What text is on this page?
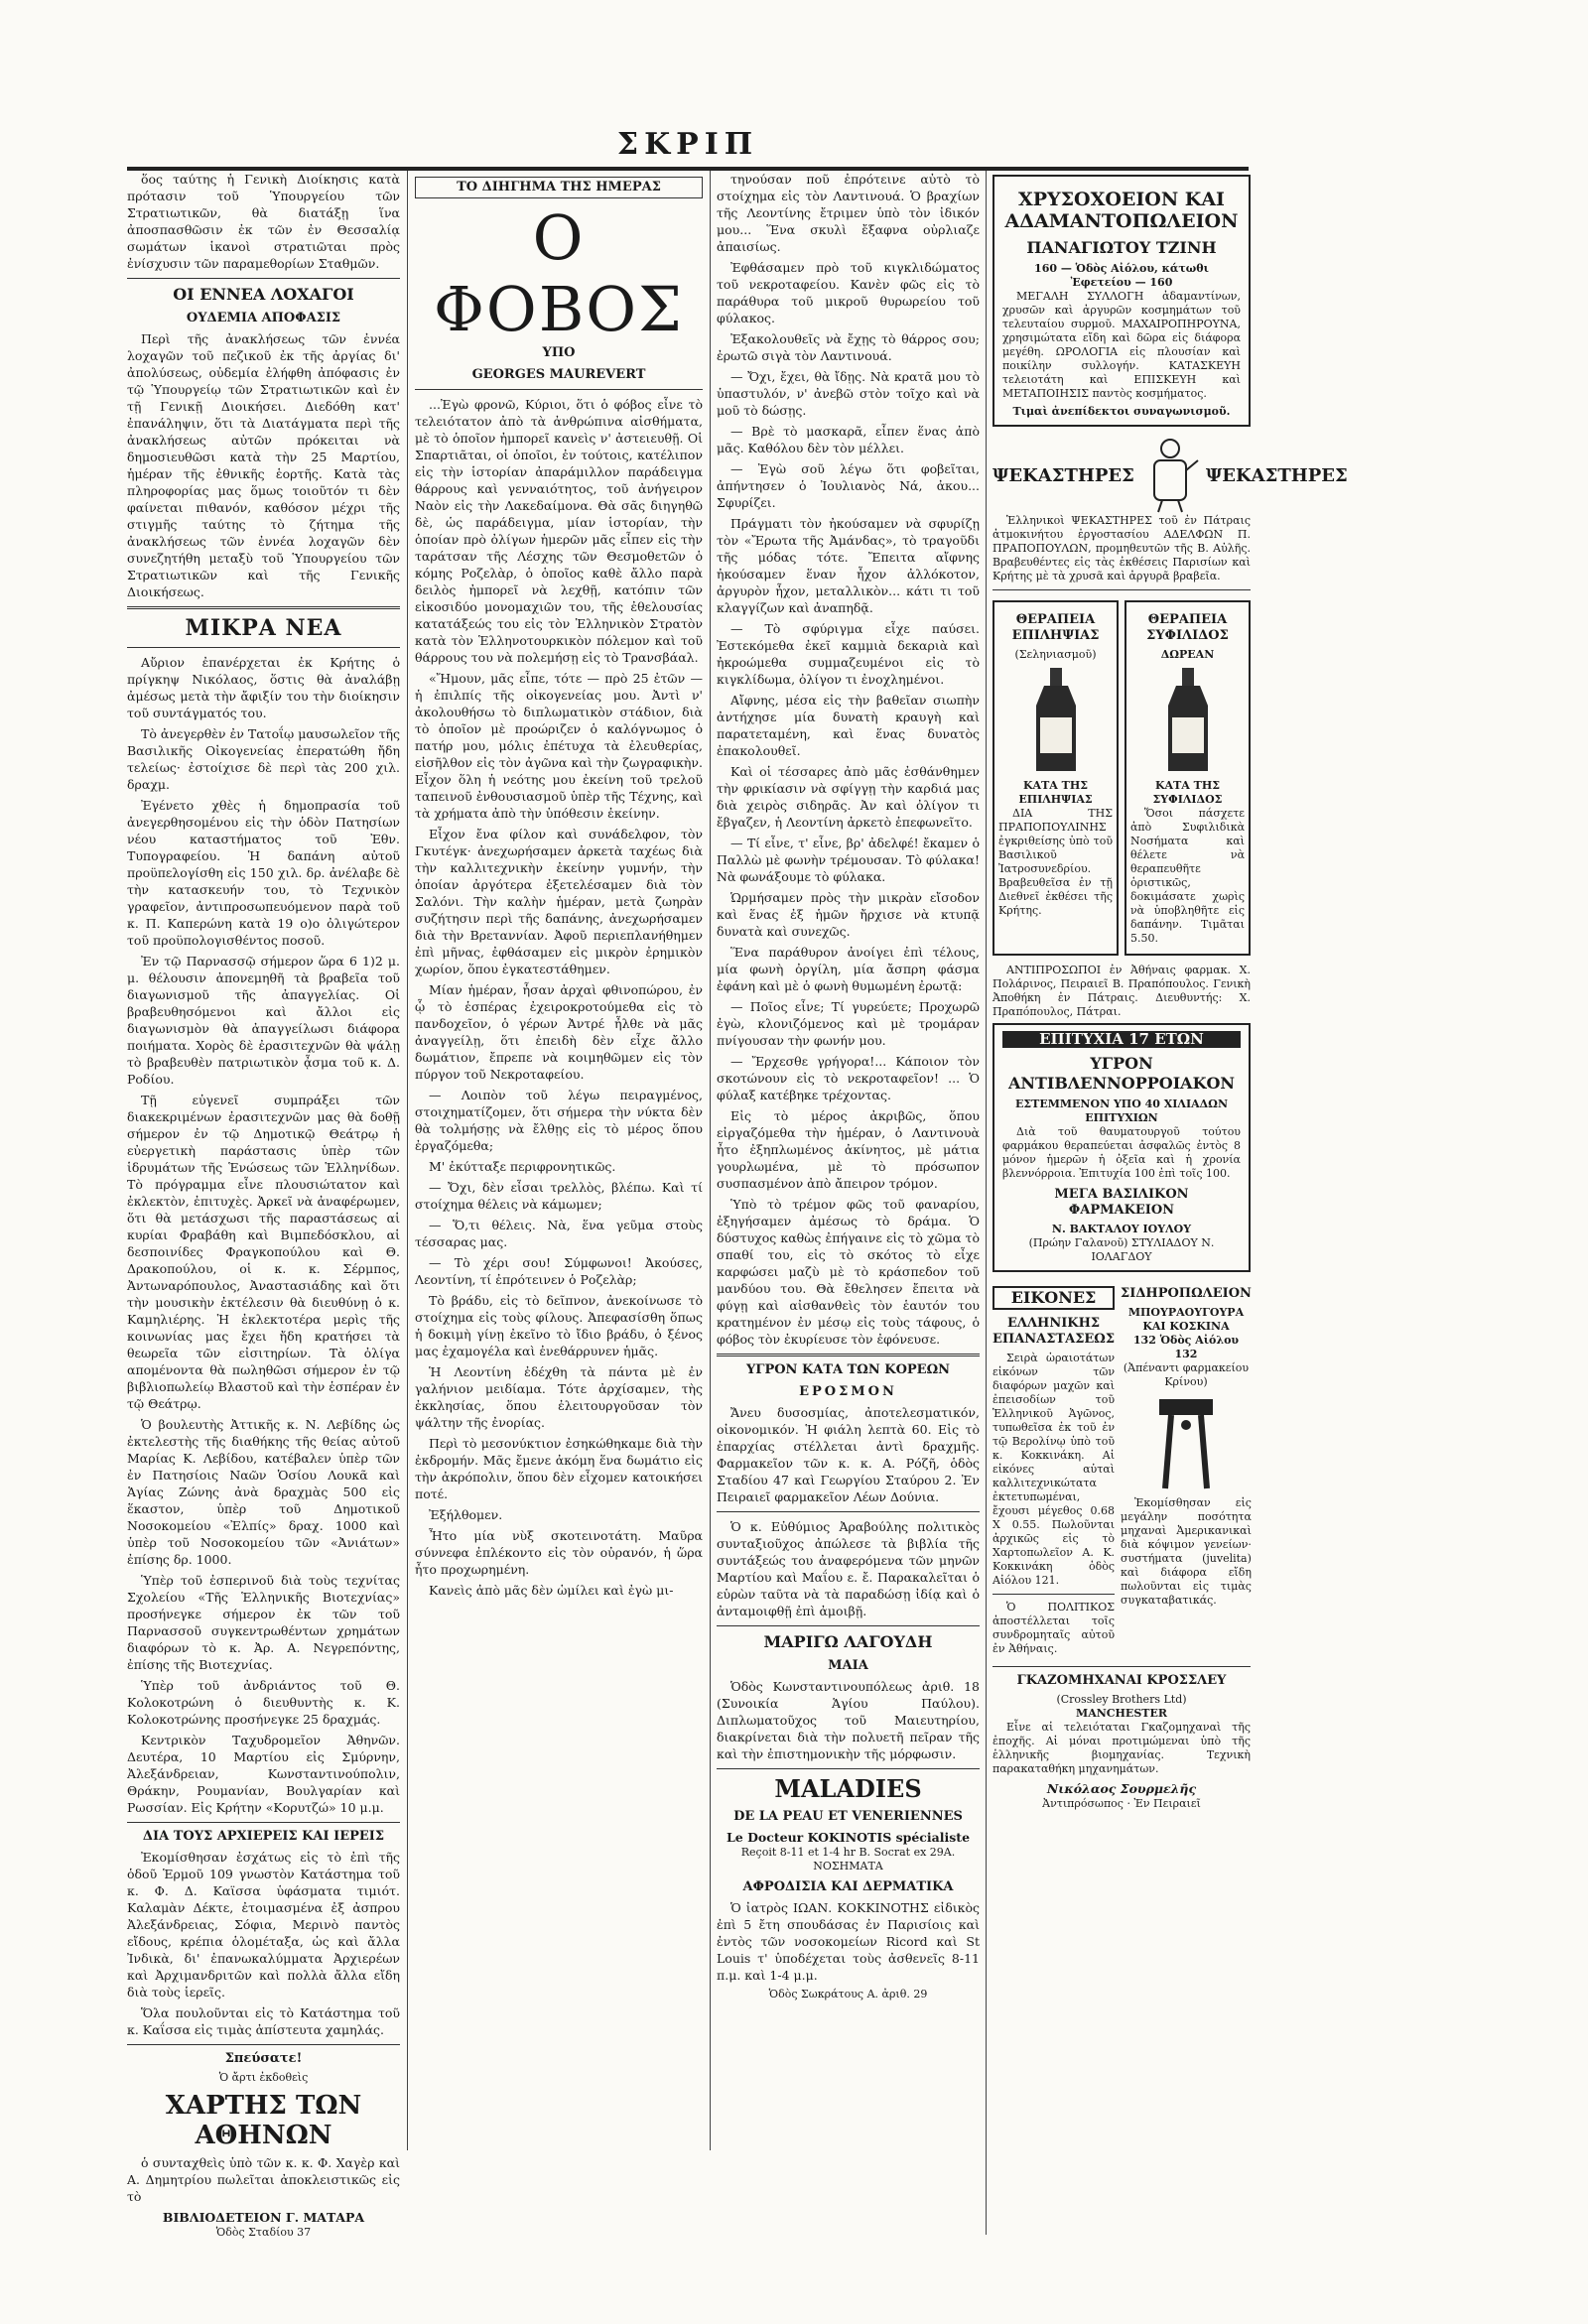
ΣΚΡΙΠ

ὅος ταύτης ἡ Γενικὴ Διοίκησις κατὰ πρότασιν τοῦ Ὑπουργείου τῶν Στρατιωτικῶν, θὰ διατάξῃ ἵνα ἀποσπασθῶσιν ἐκ τῶν ἐν Θεσσαλίᾳ σωμάτων ἱκανοὶ στρατιῶται πρὸς ἐνίσχυσιν τῶν παραμεθορίων Σταθμῶν.

ΟΙ ΕΝΝΕΑ ΛΟΧΑΓΟΙ
ΟΥΔΕΜΙΑ ΑΠΟΦΑΣΙΣ

Περὶ τῆς ἀνακλήσεως τῶν ἐννέα λοχαγῶν τοῦ πεζικοῦ ἐκ τῆς ἀργίας δι' ἀπολύσεως, οὐδεμία ἐλήφθη ἀπόφασις ἐν τῷ Ὑπουργείῳ τῶν Στρατιωτικῶν καὶ ἐν τῇ Γενικῇ Διοικήσει. Διεδόθη κατ' ἐπανάληψιν, ὅτι τὰ Διατάγματα περὶ τῆς ἀνακλήσεως αὐτῶν πρόκειται νὰ δημοσιευθῶσι κατὰ τὴν 25 Μαρτίου, ἡμέραν τῆς ἐθνικῆς ἑορτῆς. Κατὰ τὰς πληροφορίας μας ὅμως τοιοῦτόν τι δὲν φαίνεται πιθανόν, καθόσον μέχρι τῆς στιγμῆς ταύτης τὸ ζήτημα τῆς ἀνακλήσεως τῶν ἐννέα λοχαγῶν δὲν συνεζητήθη μεταξὺ τοῦ Ὑπουργείου τῶν Στρατιωτικῶν καὶ τῆς Γενικῆς Διοικήσεως.

ΜΙΚΡΑ ΝΕΑ

Αὔριον ἐπανέρχεται ἐκ Κρήτης ὁ πρίγκηψ Νικόλαος, ὅστις θὰ ἀναλάβῃ ἀμέσως μετὰ τὴν ἄφιξίν του τὴν διοίκησιν τοῦ συντάγματός του.

Τὸ ἀνεγερθὲν ἐν Τατοΐῳ μαυσωλεῖον τῆς Βασιλικῆς Οἰκογενείας ἐπερατώθη ἤδη τελείως· ἐστοίχισε δὲ περὶ τὰς 200 χιλ. δραχμ.

Ἐγένετο χθὲς ἡ δημοπρασία τοῦ ἀνεγερθησομένου εἰς τὴν ὁδὸν Πατησίων νέου καταστήματος τοῦ Ἐθν. Τυπογραφείου. Ἡ δαπάνη αὐτοῦ προϋπελογίσθη εἰς 150 χιλ. δρ. ἀνέλαβε δὲ τὴν κατασκευήν του, τὸ Τεχνικὸν γραφεῖον, ἀντιπροσωπευόμενον παρὰ τοῦ κ. Π. Καπερώνη κατὰ 19 ο)ο ὀλιγώτερον τοῦ προϋπολογισθέντος ποσοῦ.

Ἐν τῷ Παρνασσῷ σήμερον ὥρα 6 1)2 μ. μ. θέλουσιν ἀπονεμηθῆ τὰ βραβεῖα τοῦ διαγωνισμοῦ τῆς ἀπαγγελίας. Οἱ βραβευθησόμενοι καὶ ἄλλοι εἰς διαγωνισμὸν θὰ ἀπαγγείλωσι διάφορα ποιήματα. Χορὸς δὲ ἐρασιτεχνῶν θὰ ψάλῃ τὸ βραβευθὲν πατριωτικὸν ᾆσμα τοῦ κ. Δ. Ροδίου.

Τῇ εὐγενεῖ συμπράξει τῶν διακεκριμένων ἐρασιτεχνῶν μας θὰ δοθῇ σήμερον ἐν τῷ Δημοτικῷ Θεάτρῳ ἡ εὐεργετικὴ παράστασις ὑπὲρ τῶν ἱδρυμάτων τῆς Ἑνώσεως τῶν Ἑλληνίδων. Τὸ πρόγραμμα εἶνε πλουσιώτατον καὶ ἐκλεκτὸν, ἐπιτυχὲς. Ἀρκεῖ νὰ ἀναφέρωμεν, ὅτι θὰ μετάσχωσι τῆς παραστάσεως αἱ κυρίαι Φραβάθη καὶ Βιμπεδόσκλου, αἱ δεσποινίδες Φραγκοπούλου καὶ Θ. Δρακοπούλου, οἱ κ. κ. Σέρμπος, Ἀντωναρόπουλος, Ἀναστασιάδης καὶ ὅτι τὴν μουσικὴν ἐκτέλεσιν θὰ διευθύνῃ ὁ κ. Καμηλιέρης. Ἡ ἐκλεκτοτέρα μερὶς τῆς κοινωνίας μας ἔχει ἤδη κρατήσει τὰ θεωρεῖα τῶν εἰσιτηρίων. Τὰ ὀλίγα απομένοντα θὰ πωληθῶσι σήμερον ἐν τῷ βιβλιοπωλείῳ Βλαστοῦ καὶ τὴν ἑσπέραν ἐν τῷ Θεάτρῳ.

Ὁ βουλευτὴς Ἀττικῆς κ. Ν. Λεβίδης ὡς ἐκτελεστὴς τῆς διαθήκης τῆς θείας αὐτοῦ Μαρίας Κ. Λεβίδου, κατέβαλεν ὑπὲρ τῶν ἐν Πατησίοις Ναῶν Ὁσίου Λουκᾶ καὶ Ἁγίας Ζώνης ἀνὰ δραχμὰς 500 εἰς ἕκαστον, ὑπὲρ τοῦ Δημοτικοῦ Νοσοκομείου «Ἐλπίς» δραχ. 1000 καὶ ὑπὲρ τοῦ Νοσοκομείου τῶν «Ἀνιάτων» ἐπίσης δρ. 1000.

Ὑπὲρ τοῦ ἐσπερινοῦ διὰ τοὺς τεχνίτας Σχολείου «Τῆς Ἑλληνικῆς Βιοτεχνίας» προσήνεγκε σήμερον ἐκ τῶν τοῦ Παρνασσοῦ συγκεντρωθέντων χρημάτων διαφόρων τὸ κ. Ἀρ. Α. Νεγρεπόντης, ἐπίσης τῆς Βιοτεχνίας.

Ὑπὲρ τοῦ ἀνδριάντος τοῦ Θ. Κολοκοτρώνη ὁ διευθυντὴς κ. Κ. Κολοκοτρώνης προσήνεγκε 25 δραχμάς.

Κεντρικὸν Ταχυδρομεῖον Ἀθηνῶν. Δευτέρα, 10 Μαρτίου εἰς Σμύρνην, Ἀλεξάνδρειαν, Κωνσταντινούπολιν, Θράκην, Ρουμανίαν, Βουλγαρίαν καὶ Ρωσσίαν. Εἰς Κρήτην «Κορυτζώ» 10 μ.μ.

ΔΙΑ ΤΟΥΣ ΑΡΧΙΕΡΕΙΣ ΚΑΙ ΙΕΡΕΙΣ

Ἐκομίσθησαν ἐσχάτως εἰς τὸ ἐπὶ τῆς ὁδοῦ Ἑρμοῦ 109 γνωστὸν Κατάστημα τοῦ κ. Φ. Δ. Καϊσσα ὑφάσματα τιμιότ. Καλαμὰν Δέκτε, ἐτοιμασμένα ἐξ ἀσπρου Ἀλεξάνδρειας, Σόφια, Μερινὸ παντὸς εἴδους, κρέπια ὁλομέταξα, ὡς καὶ ἄλλα Ἰνδικὰ, δι' ἐπανωκαλύμματα Ἀρχιερέων καὶ Ἀρχιμανδριτῶν καὶ πολλὰ ἄλλα εἴδη διὰ τοὺς ἱερεῖς.

Ὅλα πουλοῦνται εἰς τὸ Κατάστημα τοῦ κ. Καΐσσα εἰς τιμὰς ἀπίστευτα χαμηλάς.

Σπεύσατε!
Ὁ ἄρτι ἐκδοθεὶς
ΧΑΡΤΗΣ ΤΩΝ ΑΘΗΝΩΝ

ὁ συνταχθεὶς ὑπὸ τῶν κ. κ. Φ. Χαγὲρ καὶ Α. Δημητρίου πωλεῖται ἀποκλειστικῶς εἰς τὸ

ΒΙΒΛΙΟΔΕΤΕΙΟΝ Γ. ΜΑΤΑΡΑ
Ὁδὸς Σταδίου 37
ΤΟ ΔΙΗΓΗΜΑ ΤΗΣ ΗΜΕΡΑΣ
Ο ΦΟΒΟΣ
ΥΠΟ
GEORGES MAUREVERT

...Ἐγὼ φρονῶ, Κύριοι, ὅτι ὁ φόβος εἶνε τὸ τελειότατον ἀπὸ τὰ ἀνθρώπινα αἰσθήματα, μὲ τὸ ὁποῖον ἠμπορεῖ κανεὶς ν' ἀστειευθῇ. Οἱ Σπαρτιᾶται, οἱ ὁποῖοι, ἐν τούτοις, κατέλιπον εἰς τὴν ἱστορίαν ἀπαράμιλλον παράδειγμα θάρρους καὶ γενναιότητος, τοῦ ἀνήγειρον Ναὸν εἰς τὴν Λακεδαίμονα. Θὰ σᾶς διηγηθῶ δὲ, ὡς παράδειγμα, μίαν ἱστορίαν, τὴν ὁποίαν πρὸ ὀλίγων ἡμερῶν μᾶς εἶπεν εἰς τὴν ταράτσαν τῆς Λέσχης τῶν Θεσμοθετῶν ὁ κόμης Ροζελὰρ, ὁ ὁποῖος καθὲ ἄλλο παρὰ δειλὸς ἠμπορεῖ νὰ λεχθῇ, κατόπιν τῶν εἰκοσιδύο μονομαχιῶν του, τῆς ἐθελουσίας κατατάξεώς του εἰς τὸν Ἑλληνικὸν Στρατὸν κατὰ τὸν Ἑλληνοτουρκικὸν πόλεμον καὶ τοῦ θάρρους του νὰ πολεμήσῃ εἰς τὸ Τρανσβάαλ.

«Ἤμουν, μᾶς εἶπε, τότε — πρὸ 25 ἐτῶν — ἡ ἐπιλπίς τῆς οἰκογενείας μου. Ἀντὶ ν' ἀκολουθήσω τὸ διπλωματικὸν στάδιον, διὰ τὸ ὁποῖον μὲ προώριζεν ὁ καλόγνωμος ὁ πατήρ μου, μόλις ἐπέτυχα τὰ ἐλευθερίας, εἰσῆλθον εἰς τὸν ἀγῶνα καὶ τὴν ζωγραφικὴν. Εἶχον ὅλη ἡ νεότης μου ἐκείνη τοῦ τρελοῦ ταπεινοῦ ἐνθουσιασμοῦ ὑπὲρ τῆς Τέχνης, καὶ τὰ χρήματα ἀπὸ τὴν ὑπόθεσιν ἐκείνην.

Εἶχον ἔνα φίλον καὶ συνάδελφον, τὸν Γκυτέγκ· ἀνεχωρήσαμεν ἀρκετὰ ταχέως διὰ τὴν καλλιτεχνικὴν ἐκείνην γυμνήν, τὴν ὁποίαν ἀργότερα ἐξετελέσαμεν διὰ τὸν Σαλόνι. Τὴν καλὴν ἡμέραν, μετὰ ζωηρὰν συζήτησιν περὶ τῆς δαπάνης, ἀνεχωρήσαμεν διὰ τὴν Βρεταννίαν. Ἀφοῦ περιεπλανήθημεν ἐπὶ μῆνας, ἐφθάσαμεν εἰς μικρὸν ἐρημικὸν χωρίον, ὅπου ἐγκατεστάθημεν.

Μίαν ἡμέραν, ἦσαν ἀρχαὶ φθινοπώρου, ἐν ᾧ τὸ ἑσπέρας ἐχειροκροτούμεθα εἰς τὸ πανδοχεῖον, ὁ γέρων Ἀντρέ ἦλθε νὰ μᾶς ἀναγγείλῃ, ὅτι ἐπειδὴ δὲν εἶχε ἄλλο δωμάτιον, ἔπρεπε νὰ κοιμηθῶμεν εἰς τὸν πύργον τοῦ Νεκροταφείου.

— Λοιπὸν τοῦ λέγω πειραγμένος, στοιχηματίζομεν, ὅτι σήμερα τὴν νύκτα δὲν θὰ τολμήσῃς νὰ ἔλθῃς εἰς τὸ μέρος ὅπου ἐργαζόμεθα;

Μ' ἐκύτταξε περιφρονητικῶς.

— Ὄχι, δὲν εἶσαι τρελλὸς, βλέπω. Καὶ τί στοίχημα θέλεις νὰ κάμωμεν;

— Ὅ,τι θέλεις. Νὰ, ἕνα γεῦμα στοὺς τέσσαρας μας.

— Τὸ χέρι σου! Σύμφωνοι! Ἀκούσες, Λεοντίνη, τί ἐπρότεινεν ὁ Ροζελὰρ;

Τὸ βράδυ, εἰς τὸ δεῖπνον, ἀνεκοίνωσε τὸ στοίχημα εἰς τοὺς φίλους. Ἀπεφασίσθη ὅπως ἡ δοκιμὴ γίνῃ ἐκεῖνο τὸ ἴδιο βράδυ, ὁ ξένος μας ἐχαμογέλα καὶ ἐνεθάρρυνεν ἡμᾶς.

Ἡ Λεοντίνη ἐδέχθη τὰ πάντα μὲ ἐν γαλήνιον μειδίαμα. Τότε ἀρχίσαμεν, τὴς ἐκκλησίας, ὅπου ἐλειτουργοῦσαν τὸν ψάλτην τῆς ἐνορίας.

Περὶ τὸ μεσονύκτιον ἐσηκώθηκαμε διὰ τὴν ἐκδρομήν. Μᾶς ἔμενε ἀκόμη ἕνα δωμάτιο εἰς τὴν ἀκρόπολιν, ὅπου δὲν εἶχομεν κατοικήσει ποτέ.

Ἐξήλθομεν.

Ἦτο μία νὺξ σκοτεινοτάτη. Μαῦρα σύννεφα ἐπλέκοντο εἰς τὸν οὐρανόν, ἡ ὥρα ἦτο προχωρημένη.

Κανεὶς ἀπὸ μᾶς δὲν ὡμίλει καὶ ἐγὼ μι-

τηνούσαν ποῦ ἐπρότεινε αὐτὸ τὸ στοίχημα εἰς τὸν Λαντινουά. Ὁ βραχίων τῆς Λεοντίνης ἔτριμεν ὑπὸ τὸν ἰδικόν μου... Ἕνα σκυλὶ ἔξαφνα οὐρλιαζε ἀπαισίως.

Ἐφθάσαμεν πρὸ τοῦ κιγκλιδώματος τοῦ νεκροταφείου. Κανὲν φῶς εἰς τὸ παράθυρα τοῦ μικροῦ θυρωρείου τοῦ φύλακος.

Ἐξακολουθεῖς νὰ ἔχῃς τὸ θάρρος σου; ἐρωτῶ σιγὰ τὸν Λαντινουά.

— Ὄχι, ἔχει, θὰ ἴδῃς. Νὰ κρατᾶ μου τὸ ὑπαστυλόν, ν' ἀνεβῶ στὸν τοῖχο καὶ νὰ μοῦ τὸ δώσῃς.

— Βρὲ τὸ μασκαρᾶ, εἶπεν ἕνας ἀπὸ μᾶς. Καθόλου δὲν τὸν μέλλει.

— Ἐγὼ σοῦ λέγω ὅτι φοβεῖται, ἀπήντησεν ὁ Ἰουλιανὸς Νά, ἀκου... Σφυρίζει.

Πράγματι τὸν ἠκούσαμεν νὰ σφυρίζῃ τὸν «Ἔρωτα τῆς Ἀμάνδας», τὸ τραγοῦδι τῆς μόδας τότε. Ἔπειτα αἴφνης ἠκούσαμεν ἕναν ἦχον ἀλλόκοτον, ἀργυρὸν ἦχον, μεταλλικὸν... κάτι τι τοῦ κλαγγίζων καὶ ἀναπηδᾷ.

— Τὸ σφύριγμα εἶχε παύσει. Ἐστεκόμεθα ἐκεῖ καμμιὰ δεκαριὰ καὶ ἠκροώμεθα συμμαζευμένοι εἰς τὸ κιγκλίδωμα, ὀλίγον τι ἐνοχλημένοι.

Αἴφνης, μέσα εἰς τὴν βαθεῖαν σιωπὴν ἀντήχησε μία δυνατὴ κραυγὴ καὶ παρατεταμένη, καὶ ἕνας δυνατὸς ἐπακολουθεῖ.

Καὶ οἱ τέσσαρες ἀπὸ μᾶς ἐσθάνθημεν τὴν φρικίασιν νὰ σφίγγῃ τὴν καρδιά μας διὰ χειρὸς σιδηρᾶς. Ἀν καὶ ὀλίγον τι ἔβγαζεν, ἡ Λεοντίνη ἀρκετὸ ἐπεφωνεῖτο.

— Τί εἶνε, τ' εἶνε, βρ' ἀδελφέ! ἔκαμεν ὁ Παλλὼ μὲ φωνὴν τρέμουσαν. Τὸ φύλακα! Νὰ φωνάξουμε τὸ φύλακα.

Ὡρμήσαμεν πρὸς τὴν μικρὰν εἴσοδον καὶ ἕνας ἐξ ἡμῶν ἤρχισε νὰ κτυπᾷ δυνατὰ καὶ συνεχῶς.

Ἕνα παράθυρον ἀνοίγει ἐπὶ τέλους, μία φωνὴ ὀργίλη, μία ἄσπρη φάσμα ἐφάνη καὶ μὲ ὁ φωνὴ θυμωμένη ἐρωτᾷ:

— Ποῖος εἶνε; Τί γυρεύετε; Προχωρῶ ἐγὼ, κλονιζόμενος καὶ μὲ τρομάραν πνίγουσαν τὴν φωνήν μου.

— Ἔρχεσθε γρήγορα!... Κάποιον τὸν σκοτώνουν εἰς τὸ νεκροταφεῖον! ... Ὁ φύλαξ κατέβηκε τρέχοντας.

Εἰς τὸ μέρος ἀκριβῶς, ὅπου εἰργαζόμεθα τὴν ἡμέραν, ὁ Λαντινουὰ ἦτο ἐξηπλωμένος ἀκίνητος, μὲ μάτια γουρλωμένα, μὲ τὸ πρόσωπον συσπασμένον ἀπὸ ἄπειρον τρόμον.

Ὑπὸ τὸ τρέμον φῶς τοῦ φαναρίου, ἐξηγήσαμεν ἀμέσως τὸ δράμα. Ὁ δύστυχος καθὼς ἐπήγαινε εἰς τὸ χῶμα τὸ σπαθί του, εἰς τὸ σκότος τὸ εἶχε καρφώσει μαζὺ μὲ τὸ κράσπεδον τοῦ μανδύου του. Θὰ ἔθελησεν ἔπειτα νὰ φύγῃ καὶ αἰσθανθεὶς τὸν ἑαυτόν του κρατημένον ἐν μέσῳ εἰς τοὺς τάφους, ὁ φόβος τὸν ἐκυρίευσε τὸν ἐφόνευσε.

ΥΓΡΟΝ ΚΑΤΑ ΤΩΝ ΚΟΡΕΩΝ
ΕΡΟΣΜΟΝ

Ἄνευ δυσοσμίας, ἀποτελεσματικόν, οἰκονομικόν. Ἡ φιάλη λεπτὰ 60. Εἰς τὸ ἐπαρχίας στέλλεται ἀντὶ δραχμῆς. Φαρμακεῖον τῶν κ. κ. Α. Ρόζῆ, ὁδὸς Σταδίου 47 καὶ Γεωργίου Σταύρου 2. Ἐν Πειραιεῖ φαρμακεῖον Λέων Δούνια.

Ὁ κ. Εὐθύμιος Ἀραβούλης πολιτικὸς συνταξιοῦχος ἀπώλεσε τὰ βιβλία τῆς συντάξεώς του ἀναφερόμενα τῶν μηνῶν Μαρτίου καὶ Μαΐου ε. ἔ. Παρακαλεῖται ὁ εὑρὼν ταῦτα νὰ τὰ παραδώσῃ ἰδίᾳ καὶ ὁ ἀνταμοιφθῇ ἐπὶ ἀμοιβῇ.

ΜΑΡΙΓΩ ΛΑΓΟΥΔΗ
ΜΑΙΑ

Ὁδὸς Κωνσταντινουπόλεως ἀριθ. 18 (Συνοικία Ἁγίου Παύλου). Διπλωματοῦχος τοῦ Μαιευτηρίου, διακρίνεται διὰ τὴν πολυετῆ πεῖραν τῆς καὶ τὴν ἐπιστημονικὴν τῆς μόρφωσιν.

MALADIES
DE LA PEAU ET VENERIENNES
Le Docteur KOKINOTIS spécialiste
Reçoit 8-11 et 1-4 hr B. Socrat ex 29A.
ΝΟΣΗΜΑΤΑ
ΑΦΡΟΔΙΣΙΑ ΚΑΙ ΔΕΡΜΑΤΙΚΑ

Ὁ ἰατρὸς ΙΩΑΝ. ΚΟΚΚΙΝΟΤΗΣ εἰδικὸς ἐπὶ 5 ἔτη σπουδάσας ἐν Παρισίοις καὶ ἐντὸς τῶν νοσοκομείων Ricord καὶ St Louis τ' ὑποδέχεται τοὺς ἀσθενεῖς 8-11 π.μ. καὶ 1-4 μ.μ.

Ὁδὸς Σωκράτους Α. ἀριθ. 29
ΧΡΥΣΟΧΟΕΙΟΝ ΚΑΙ ΑΔΑΜΑΝΤΟΠΩΛΕΙΟΝ
ΠΑΝΑΓΙΩΤΟΥ ΤΖΙΝΗ
160 — Ὁδὸς Αἰόλου, κάτωθι Ἐφετείου — 160

ΜΕΓΑΛΗ ΣΥΛΛΟΓΗ ἀδαμαντίνων, χρυσῶν καὶ ἀργυρῶν κοσμημάτων τοῦ τελευταίου συρμοῦ. ΜΑΧΑΙΡΟΠΗΡΟΥΝΑ, χρησιμώτατα εἴδη καὶ δῶρα εἰς διάφορα μεγέθη. ΩΡΟΛΟΓΙΑ εἰς πλουσίαν καὶ ποικίλην συλλογήν. ΚΑΤΑΣΚΕΥΗ τελειοτάτη καὶ ΕΠΙΣΚΕΥΗ καὶ ΜΕΤΑΠΟΙΗΣΙΣ παντὸς κοσμήματος.

Τιμαὶ ἀνεπίδεκτοι συναγωνισμοῦ.
ΨΕΚΑΣΤΗΡΕΣ	ΨΕΚΑΣΤΗΡΕΣ

Ἑλληνικοὶ ΨΕΚΑΣΤΗΡΕΣ τοῦ ἐν Πάτραις ἀτμοκινήτου ἐργοστασίου ΑΔΕΛΦΩΝ Π. ΠΡΑΠΟΠΟΥΛΩΝ, προμηθευτῶν τῆς Β. Αὐλῆς. Βραβευθέντες εἰς τὰς ἐκθέσεις Παρισίων καὶ Κρήτης μὲ τὰ χρυσᾶ καὶ ἀργυρᾶ βραβεῖα.

ΘΕΡΑΠΕΙΑ ΕΠΙΛΗΨΙΑΣ
(Σεληνιασμοῦ)
ΚΑΤΑ ΤΗΣ ΕΠΙΛΗΨΙΑΣ

ΔΙΑ ΤΗΣ ΠΡΑΠΟΠΟΥΛΙΝΗΣ ἐγκριθείσης ὑπὸ τοῦ Βασιλικοῦ Ἰατροσυνεδρίου. Βραβευθεῖσα ἐν τῇ Διεθνεῖ ἐκθέσει τῆς Κρήτης.

ΘΕΡΑΠΕΙΑ ΣΥΦΙΛΙΔΟΣ
ΔΩΡΕΑΝ
ΚΑΤΑ ΤΗΣ ΣΥΦΙΛΙΔΟΣ

Ὅσοι πάσχετε ἀπὸ Συφιλιδικὰ Νοσήματα καὶ θέλετε νὰ θεραπευθῆτε ὁριστικῶς, δοκιμάσατε χωρὶς νὰ ὑποβληθῆτε εἰς δαπάνην. Τιμᾶται 5.50.

ΑΝΤΙΠΡΟΣΩΠΟΙ ἐν Ἀθήναις φαρμακ. Χ. Πολάρινος, Πειραιεῖ Β. Πραπόπουλος. Γενικὴ Ἀποθήκη ἐν Πάτραις. Διευθυντής: Χ. Πραπόπουλος, Πάτραι.

ΕΠΙΤΥΧΙΑ 17 ΕΤΩΝ
ΥΓΡΟΝ ΑΝΤΙΒΛΕΝΝΟΡΡΟΙΑΚΟΝ
ΕΣΤΕΜΜΕΝΟΝ ΥΠΟ 40 ΧΙΛΙΑΔΩΝ ΕΠΙΤΥΧΙΩΝ

Διὰ τοῦ θαυματουργοῦ τούτου φαρμάκου θεραπεύεται ἀσφαλῶς ἐντὸς 8 μόνον ἡμερῶν ἡ ὀξεῖα καὶ ἡ χρονία βλεννόρροια. Ἐπιτυχία 100 ἐπὶ τοῖς 100.

ΜΕΓΑ ΒΑΣΙΛΙΚΟΝ ΦΑΡΜΑΚΕΙΟΝ
Ν. ΒΑΚΤΑΛΟΥ ΙΟΥΛΟΥ
(Πρώην Γαλανοῦ) ΣΤΥΛΙΑΔΟΥ Ν. ΙΟΛΑΓΔΟΥ
ΕΙΚΟΝΕΣ
ΕΛΛΗΝΙΚΗΣ ΕΠΑΝΑΣΤΑΣΕΩΣ

Σειρὰ ὡραιοτάτων εἰκόνων τῶν διαφόρων μαχῶν καὶ ἐπεισοδίων τοῦ Ἑλληνικοῦ Ἀγῶνος, τυπωθεῖσα ἐκ τοῦ ἐν τῷ Βερολίνῳ ὑπὸ τοῦ κ. Κοκκινάκη. Αἱ εἰκόνες αὐταὶ καλλιτεχνικώτατα ἐκτετυπωμέναι, ἔχουσι μέγεθος 0.68 X 0.55. Πωλοῦνται ἀρχικῶς εἰς τὸ Χαρτοπωλεῖον Α. Κ. Κοκκινάκη ὁδὸς Αἰόλου 121.

Ὁ ΠΟΛΙΤΙΚΟΣ ἀποστέλλεται τοῖς συνδρομηταῖς αὐτοῦ ἐν Ἀθήναις.

ΣΙΔΗΡΟΠΩΛΕΙΟΝ
ΜΠΟΥΡΑΟΥΓΟΥΡΑ ΚΑΙ ΚΟΣΚΙΝΑ
132 Ὁδὸς Αἰόλου 132
(Ἀπέναντι φαρμακείου Κρίνου)

Ἐκομίσθησαν εἰς μεγάλην ποσότητα μηχαναὶ Ἀμερικανικαὶ διὰ κόψιμον γενείων· συστήματα (juvelita) καὶ διάφορα εἴδη πωλοῦνται εἰς τιμὰς συγκαταβατικάς.

ΓΚΑΖΟΜΗΧΑΝΑΙ ΚΡΟΣΣΛΕΥ
(Crossley Brothers Ltd)
MANCHESTER

Εἶνε αἱ τελειόταται Γκαζομηχαναὶ τῆς ἐποχῆς. Αἱ μόναι προτιμώμεναι ὑπὸ τῆς ἑλληνικῆς βιομηχανίας. Τεχνικὴ παρακαταθήκη μηχανημάτων.

Νικόλαος Σουρμελῆς
Ἀντιπρόσωπος · Ἐν Πειραιεῖ
